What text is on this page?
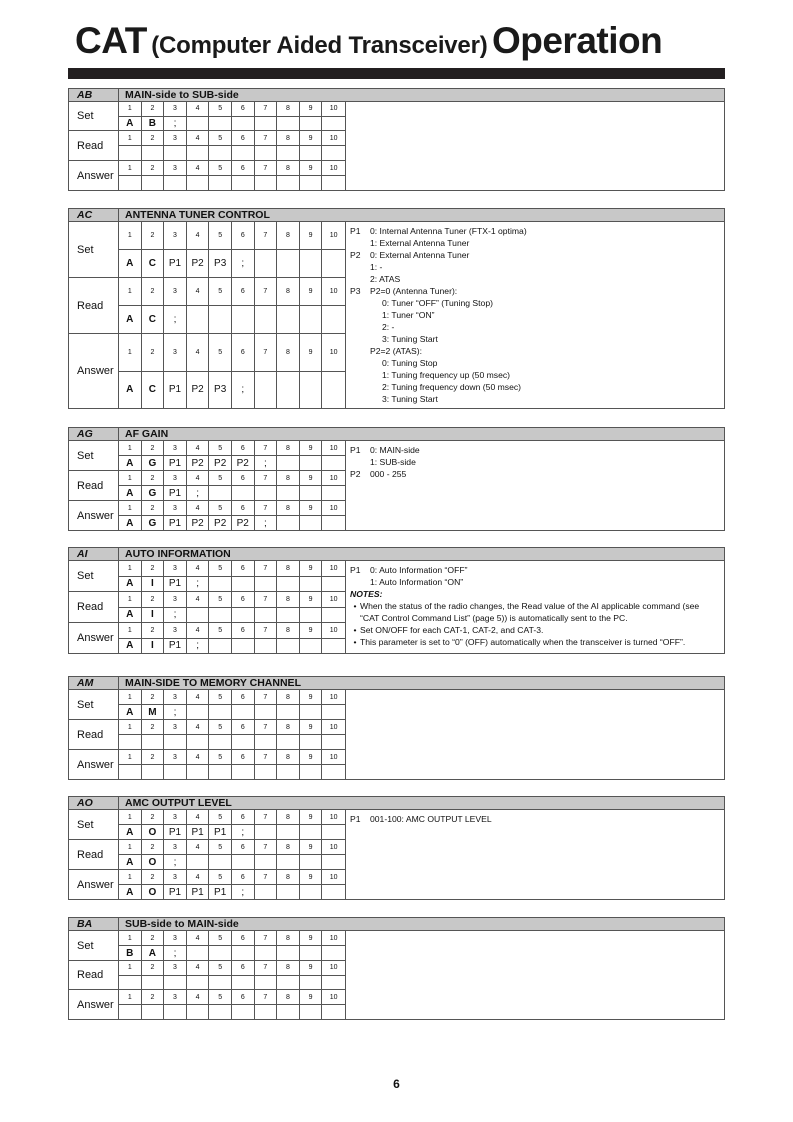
CAT (Computer Aided Transceiver) Operation
AB	MAIN-side to SUB-side
Set
1	2	3	4	5	6	7	8	9	10
A	B	;
Read
1	2	3	4	5	6	7	8	9	10
Answer
1	2	3	4	5	6	7	8	9	10
AC	ANTENNA TUNER CONTROL
Set
1	2	3	4	5	6	7	8	9	10
A	C	P1	P2	P3	;
Read
1	2	3	4	5	6	7	8	9	10
A	C	;
Answer
1	2	3	4	5	6	7	8	9	10
A	C	P1	P2	P3	;
P1	0: Internal Antenna Tuner (FTX-1 optima)
1: External Antenna Tuner
P2	0: External Antenna Tuner
1: -
2: ATAS
P3	P2=0 (Antenna Tuner):
0: Tuner “OFF” (Tuning Stop)
1: Tuner “ON”
2: -
3: Tuning Start
P2=2 (ATAS):
0: Tuning Stop
1: Tuning frequency up (50 msec)
2: Tuning frequency down (50 msec)
3: Tuning Start
AG	AF GAIN
Set
1	2	3	4	5	6	7	8	9	10
A	G	P1	P2	P2	P2	;
Read
1	2	3	4	5	6	7	8	9	10
A	G	P1	;
Answer
1	2	3	4	5	6	7	8	9	10
A	G	P1	P2	P2	P2	;
P1	0: MAIN-side
1: SUB-side
P2	000 - 255
AI	AUTO INFORMATION
Set
1	2	3	4	5	6	7	8	9	10
A	I	P1	;
Read
1	2	3	4	5	6	7	8	9	10
A	I	;
Answer
1	2	3	4	5	6	7	8	9	10
A	I	P1	;
P1	0: Auto Information “OFF”
1: Auto Information “ON”
NOTES:
• When the status of the radio changes, the Read value of the AI applicable command (see “CAT Control Command List” (page 5)) is automatically sent to the PC.
• Set ON/OFF for each CAT-1, CAT-2, and CAT-3.
• This parameter is set to “0” (OFF) automatically when the transceiver is turned “OFF”.
AM	MAIN-SIDE TO MEMORY CHANNEL
Set
1	2	3	4	5	6	7	8	9	10
A	M	;
Read
1	2	3	4	5	6	7	8	9	10
Answer
1	2	3	4	5	6	7	8	9	10
AO	AMC OUTPUT LEVEL
Set
1	2	3	4	5	6	7	8	9	10
A	O	P1	P1	P1	;
Read
1	2	3	4	5	6	7	8	9	10
A	O	;
Answer
1	2	3	4	5	6	7	8	9	10
A	O	P1	P1	P1	;
P1	001-100: AMC OUTPUT LEVEL
BA	SUB-side to MAIN-side
Set
1	2	3	4	5	6	7	8	9	10
B	A	;
Read
1	2	3	4	5	6	7	8	9	10
Answer
1	2	3	4	5	6	7	8	9	10
6
